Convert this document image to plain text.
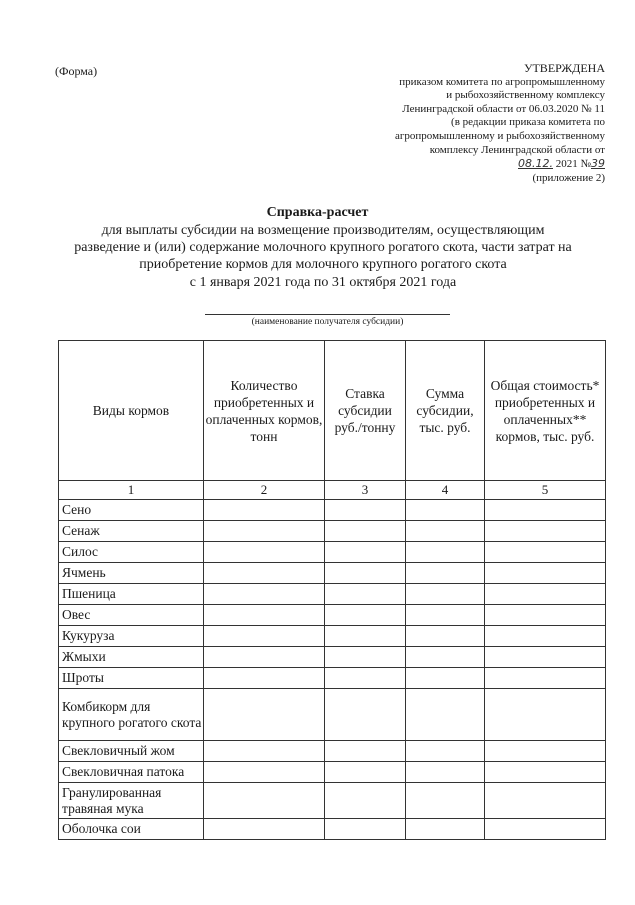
(Форма)	УТВЕРЖДЕНА
приказом комитета по агропромышленному
и рыбохозяйственному комплексу
Ленинградской области от 06.03.2020 № 11
(в редакции приказа комитета по
агропромышленному и рыбохозяйственному
комплексу Ленинградской области от
08.12. 2021 №39
(приложение 2)
Справка-расчет
для выплаты субсидии на возмещение производителям, осуществляющим
разведение и (или) содержание молочного крупного рогатого скота, части затрат на
приобретение кормов для молочного крупного рогатого скота
с 1 января 2021 года по 31 октября 2021 года
(наименование получателя субсидии)
Виды кормов	Количество приобретенных и оплаченных кормов, тонн	Ставка субсидии руб./тонну	Сумма субсидии, тыс. руб.	Общая стоимость* приобретенных и оплаченных** кормов, тыс. руб.
1	2	3	4	5
Сено				
Сенаж				
Силос				
Ячмень				
Пшеница				
Овес				
Кукуруза				
Жмыхи				
Шроты				
Комбикорм для крупного рогатого скота				
Свекловичный жом				
Свекловичная патока				
Гранулированная травяная мука				
Оболочка сои				
